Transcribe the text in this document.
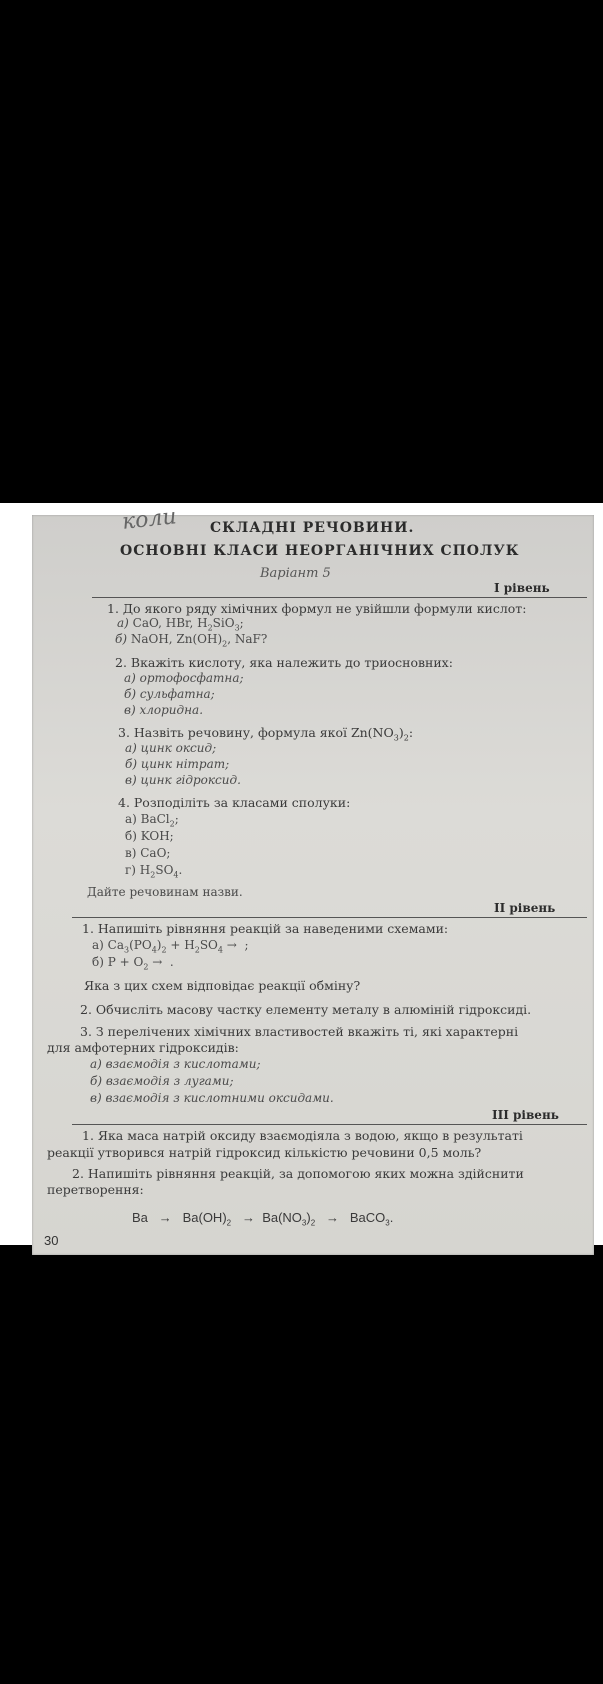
коли СКЛАДНІ РЕЧОВИНИ.
ОСНОВНІ КЛАСИ НЕОРГАНІЧНИХ СПОЛУК
Варіант 5
I рівень
1. До якого ряду хімічних формул не увійшли формули кислот:
а) CaO, HBr, $H_2SiO_3$;
б) NaOH, $Zn(OH)_2$, NaF?
2. Вкажіть кислоту, яка належить до триосновних:
а) ортофосфатна;
б) сульфатна;
в) хлоридна.
3. Назвіть речовину, формула якої $Zn(NO_3)_2$:
а) цинк оксид;
б) цинк нітрат;
в) цинк гідроксид.
4. Розподіліть за класами сполуки:
а) BaCl$_2$;
б) KOH;
в) CaO;
г) $H_2SO_4$.
Дайте речовинам назви.
II рівень
1. Напишіть рівняння реакцій за наведеними схемами:
а) $Ca_3(PO_4)_2 + H_2SO_4$ →  ;
б) $P + O_2$ →  .
Яка з цих схем відповідає реакції обміну?
2. Обчисліть масову частку елементу металу в алюміній гідроксиді.
3. З перелічених хімічних властивостей вкажіть ті, які характерні
для амфотерних гідроксидів:
а) взаємодія з кислотами;
б) взаємодія з лугами;
в) взаємодія з кислотними оксидами.
III рівень
1. Яка маса натрій оксиду взаємодіяла з водою, якщо в результаті
реакції утворився натрій гідроксид кількістю речовини 0,5 моль?
2. Напишіть рівняння реакцій, за допомогою яких можна здійснити
перетворення:
$Ba \to Ba(OH)_2 \to Ba(NO_3)_2$ → BaCO$_3$.
30
